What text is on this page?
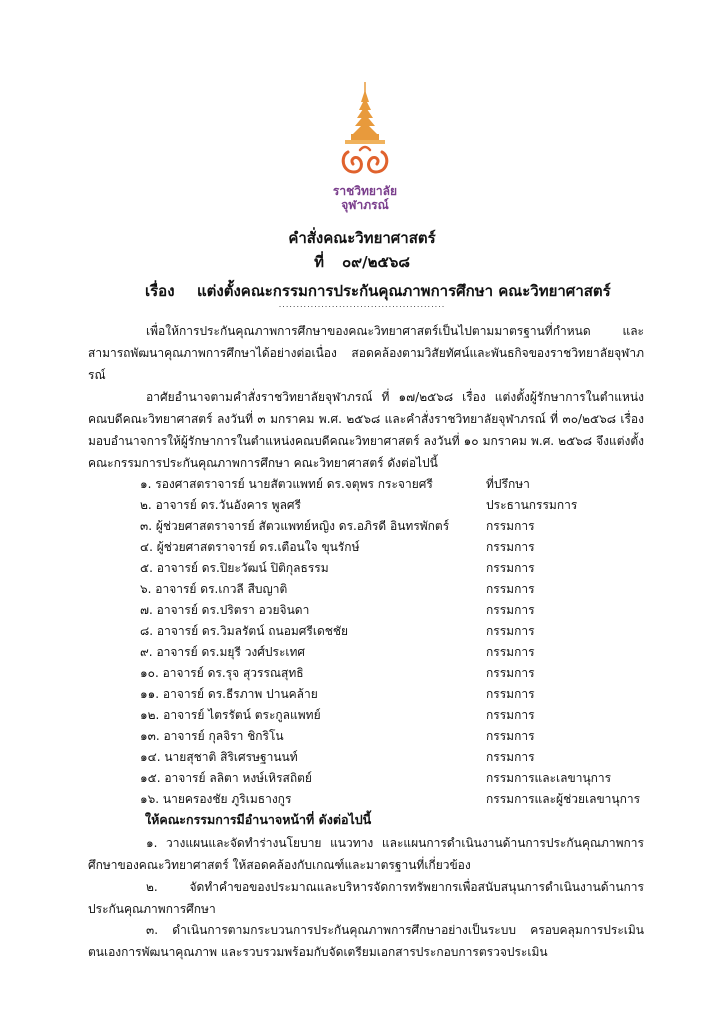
ราชวิทยาลัย
จุฬาภรณ์
คำสั่งคณะวิทยาศาสตร์
ที่ ๐๙/๒๕๖๘
เรื่อง แต่งตั้งคณะกรรมการประกันคุณภาพการศึกษา คณะวิทยาศาสตร์
...............................................
เพื่อให้การประกันคุณภาพการศึกษาของคณะวิทยาศาสตร์เป็นไปตามมาตรฐานที่กำหนด และสามารถพัฒนาคุณภาพการศึกษาได้อย่างต่อเนื่อง สอดคล้องตามวิสัยทัศน์และพันธกิจของราชวิทยาลัยจุฬาภรณ์
อาศัยอำนาจตามคำสั่งราชวิทยาลัยจุฬาภรณ์ ที่ ๑๗/๒๕๖๘ เรื่อง แต่งตั้งผู้รักษาการในตำแหน่งคณบดีคณะวิทยาศาสตร์ ลงวันที่ ๓ มกราคม พ.ศ. ๒๕๖๘ และคำสั่งราชวิทยาลัยจุฬาภรณ์ ที่ ๓๐/๒๕๖๘ เรื่อง มอบอำนาจการให้ผู้รักษาการในตำแหน่งคณบดีคณะวิทยาศาสตร์ ลงวันที่ ๑๐ มกราคม พ.ศ. ๒๕๖๘ จึงแต่งตั้งคณะกรรมการประกันคุณภาพการศึกษา คณะวิทยาศาสตร์ ดังต่อไปนี้
๑. รองศาสตราจารย์ นายสัตวแพทย์ ดร.จตุพร กระจายศรี	ที่ปรึกษา
๒. อาจารย์ ดร.วันอังคาร พูลศรี	ประธานกรรมการ
๓. ผู้ช่วยศาสตราจารย์ สัตวแพทย์หญิง ดร.อภิรดี อินทรพักตร์	กรรมการ
๔. ผู้ช่วยศาสตราจารย์ ดร.เตือนใจ ขุนรักษ์	กรรมการ
๕. อาจารย์ ดร.ปิยะวัฒน์ ปิติกุลธรรม	กรรมการ
๖. อาจารย์ ดร.เกวลี สืบญาติ	กรรมการ
๗. อาจารย์ ดร.ปริตรา อวยจินดา	กรรมการ
๘. อาจารย์ ดร.วิมลรัตน์ ถนอมศรีเดชชัย	กรรมการ
๙. อาจารย์ ดร.มยุรี วงศ์ประเทศ	กรรมการ
๑๐. อาจารย์ ดร.รุจ สุวรรณสุทธิ	กรรมการ
๑๑. อาจารย์ ดร.ธีรภาพ ปานคล้าย	กรรมการ
๑๒. อาจารย์ ไตรรัตน์ ตระกูลแพทย์	กรรมการ
๑๓. อาจารย์ กุลจิรา ชิกริโน	กรรมการ
๑๔. นายสุชาติ สิริเศรษฐานนท์	กรรมการ
๑๕. อาจารย์ ลลิตา หงษ์เหิรสถิตย์	กรรมการและเลขานุการ
๑๖. นายครองชัย ภูริเมธางกูร	กรรมการและผู้ช่วยเลขานุการ
ให้คณะกรรมการมีอำนาจหน้าที่ ดังต่อไปนี้
๑. วางแผนและจัดทำร่างนโยบาย แนวทาง และแผนการดำเนินงานด้านการประกันคุณภาพการศึกษาของคณะวิทยาศาสตร์ ให้สอดคล้องกับเกณฑ์และมาตรฐานที่เกี่ยวข้อง
๒. จัดทำคำขอของประมาณและบริหารจัดการทรัพยากรเพื่อสนับสนุนการดำเนินงานด้านการประกันคุณภาพการศึกษา
๓. ดำเนินการตามกระบวนการประกันคุณภาพการศึกษาอย่างเป็นระบบ ครอบคลุมการประเมินตนเองการพัฒนาคุณภาพ และรวบรวมพร้อมกับจัดเตรียมเอกสารประกอบการตรวจประเมิน
